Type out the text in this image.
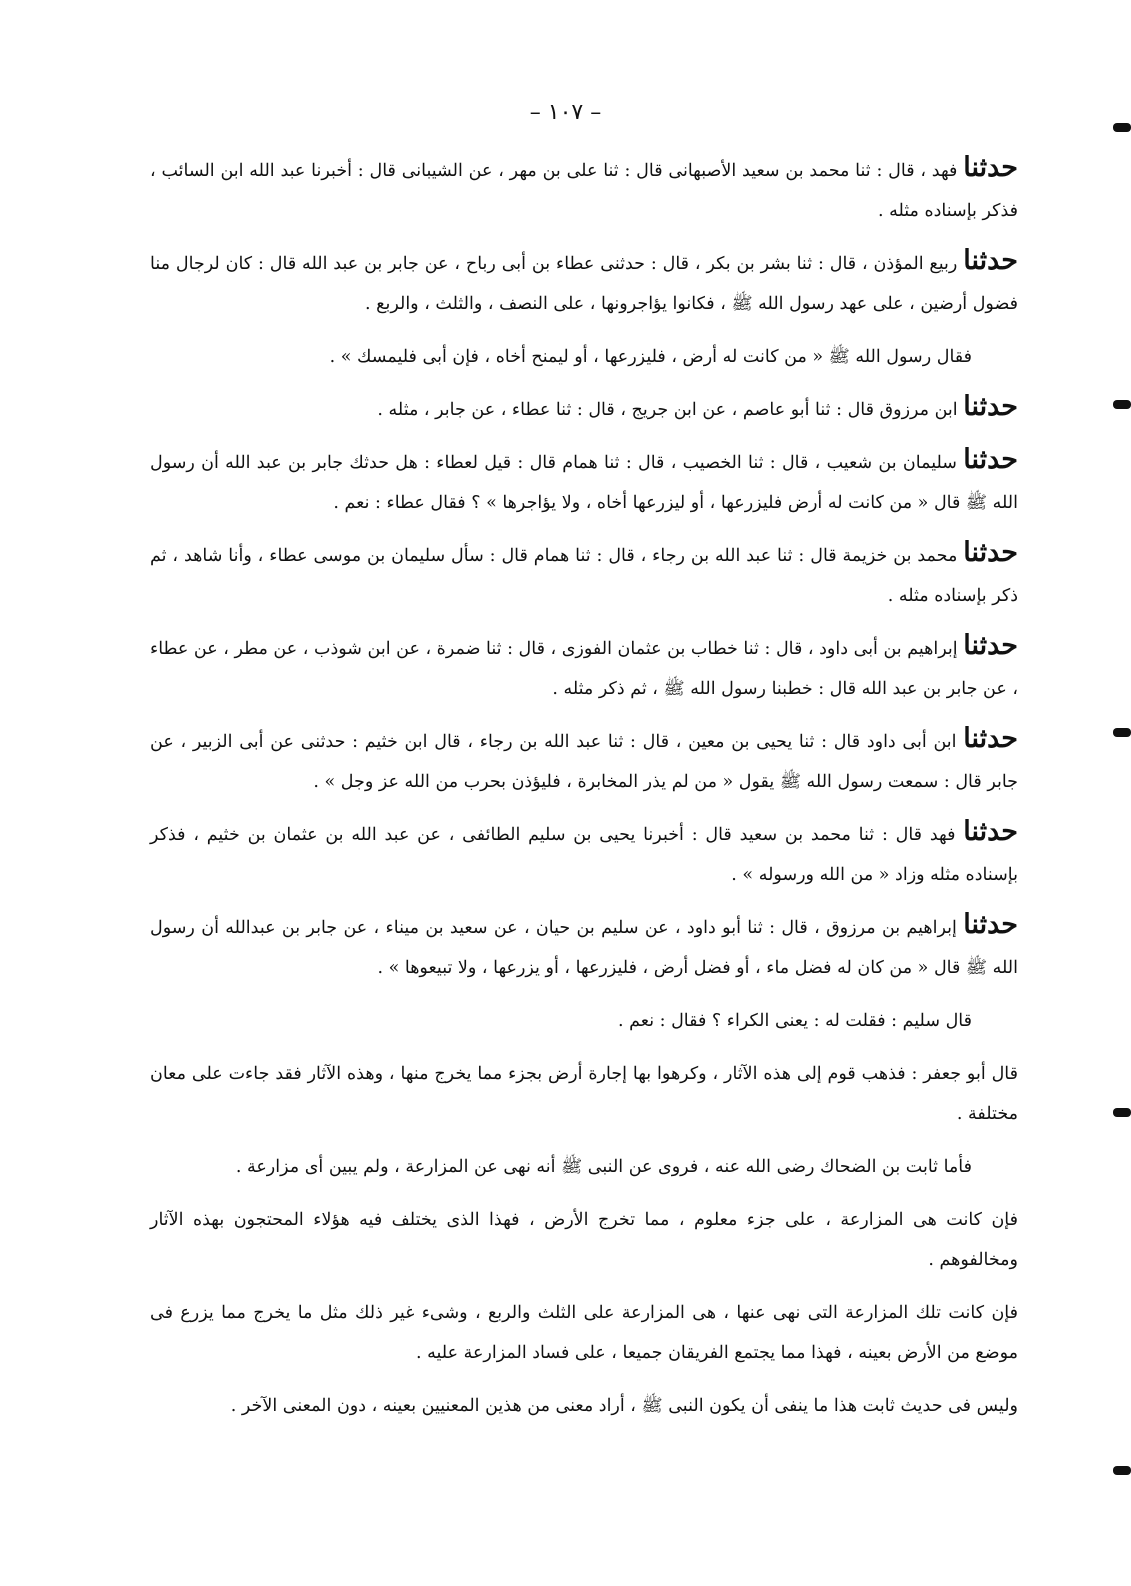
– ١٠٧ –

حدثنا فهد ، قال : ثنا محمد بن سعيد الأصبهانى قال : ثنا على بن مهر ، عن الشيبانى قال : أخبرنا عبد الله ابن السائب ، فذكر بإسناده مثله .

حدثنا ربيع المؤذن ، قال : ثنا بشر بن بكر ، قال : حدثنى عطاء بن أبى رباح ، عن جابر بن عبد الله قال : كان لرجال منا فضول أرضين ، على عهد رسول الله ﷺ ، فكانوا يؤاجرونها ، على النصف ، والثلث ، والربع .

فقال رسول الله ﷺ « من كانت له أرض ، فليزرعها ، أو ليمنح أخاه ، فإن أبى فليمسك » .

حدثنا ابن مرزوق قال : ثنا أبو عاصم ، عن ابن جريج ، قال : ثنا عطاء ، عن جابر ، مثله .

حدثنا سليمان بن شعيب ، قال : ثنا الخصيب ، قال : ثنا همام قال : قيل لعطاء : هل حدثك جابر بن عبد الله أن رسول الله ﷺ قال « من كانت له أرض فليزرعها ، أو ليزرعها أخاه ، ولا يؤاجرها » ؟ فقال عطاء : نعم .

حدثنا محمد بن خزيمة قال : ثنا عبد الله بن رجاء ، قال : ثنا همام قال : سأل سليمان بن موسى عطاء ، وأنا شاهد ، ثم ذكر بإسناده مثله .

حدثنا إبراهيم بن أبى داود ، قال : ثنا خطاب بن عثمان الفوزى ، قال : ثنا ضمرة ، عن ابن شوذب ، عن مطر ، عن عطاء ، عن جابر بن عبد الله قال : خطبنا رسول الله ﷺ ، ثم ذكر مثله .

حدثنا ابن أبى داود قال : ثنا يحيى بن معين ، قال : ثنا عبد الله بن رجاء ، قال ابن خثيم : حدثنى عن أبى الزبير ، عن جابر قال : سمعت رسول الله ﷺ يقول « من لم يذر المخابرة ، فليؤذن بحرب من الله عز وجل » .

حدثنا فهد قال : ثنا محمد بن سعيد قال : أخبرنا يحيى بن سليم الطائفى ، عن عبد الله بن عثمان بن خثيم ، فذكر بإسناده مثله وزاد « من الله ورسوله » .

حدثنا إبراهيم بن مرزوق ، قال : ثنا أبو داود ، عن سليم بن حيان ، عن سعيد بن ميناء ، عن جابر بن عبدالله أن رسول الله ﷺ قال « من كان له فضل ماء ، أو فضل أرض ، فليزرعها ، أو يزرعها ، ولا تبيعوها » .

قال سليم : فقلت له : يعنى الكراء ؟ فقال : نعم .

قال أبو جعفر : فذهب قوم إلى هذه الآثار ، وكرهوا بها إجارة أرض بجزء مما يخرج منها ، وهذه الآثار فقد جاءت على معان مختلفة .

فأما ثابت بن الضحاك رضى الله عنه ، فروى عن النبى ﷺ أنه نهى عن المزارعة ، ولم يبين أى مزارعة .

فإن كانت هى المزارعة ، على جزء معلوم ، مما تخرج الأرض ، فهذا الذى يختلف فيه هؤلاء المحتجون بهذه الآثار ومخالفوهم .

فإن كانت تلك المزارعة التى نهى عنها ، هى المزارعة على الثلث والربع ، وشىء غير ذلك مثل ما يخرج مما يزرع فى موضع من الأرض بعينه ، فهذا مما يجتمع الفريقان جميعا ، على فساد المزارعة عليه .

وليس فى حديث ثابت هذا ما ينفى أن يكون النبى ﷺ ، أراد معنى من هذين المعنيين بعينه ، دون المعنى الآخر .
